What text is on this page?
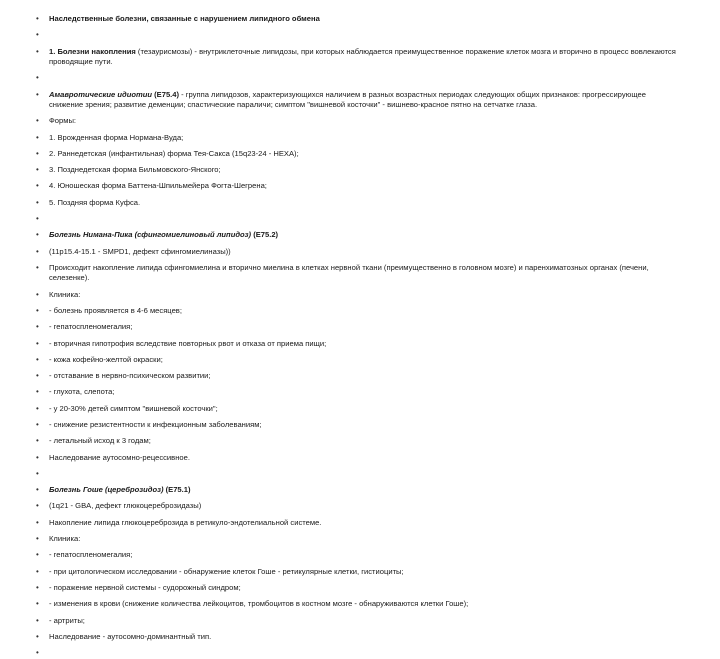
• Наследственные болезни, связанные с нарушением липидного обмена
•
• 1. Болезни накопления (тезаурисмозы) - внутриклеточные липидозы, при которых наблюдается преимущественное поражение клеток мозга и вторично в процесс вовлекаются проводящие пути.
•
• Амавротические идиотии (E75.4) - группа липидозов, характеризующихся наличием в разных возрастных периодах следующих общих признаков: прогрессирующее снижение зрения; развитие деменции; спастические параличи; симптом "вишневой косточки" - вишнево-красное пятно на сетчатке глаза.
• Формы:
• 1. Врожденная форма Нормана-Вуда;
• 2. Раннедетская (инфантильная) форма Тея-Сакса (15q23-24 - HEXA);
• 3. Позднедетская форма Бильмовского-Янского;
• 4. Юношеская форма Баттена-Шпильмейера Фогта-Шегрена;
• 5. Поздняя форма Куфса.
•
• Болезнь Нимана-Пика (сфингомиелиновый липидоз) (E75.2)
• (11p15.4-15.1 - SMPD1, дефект сфингомиелиназы))
• Происходит накопление липида сфингомиелина и вторично миелина в клетках нервной ткани (преимущественно в головном мозге) и паренхиматозных органах (печени, селезенке).
• Клиника:
• - болезнь проявляется в 4-6 месяцев;
• - гепатоспленомегалия;
• - вторичная гипотрофия вследствие повторных рвот и отказа от приема пищи;
• - кожа кофейно-желтой окраски;
• - отставание в нервно-психическом развитии;
• - глухота, слепота;
• - у 20-30% детей симптом "вишневой косточки";
• - снижение резистентности к инфекционным заболеваниям;
• - летальный исход к 3 годам;
• Наследование аутосомно-рецессивное.
•
• Болезнь Гоше (цереброзидоз) (E75.1)
• (1q21 - GBA, дефект глюкоцереброзидазы)
• Накопление липида глюкоцереброзида в ретикуло-эндотелиальной системе.
• Клиника:
• - гепатоспленомегалия;
• - при цитологическом исследовании - обнаружение клеток Гоше - ретикулярные клетки, гистиоциты;
• - поражение нервной системы - судорожный синдром;
• - изменения в крови (снижение количества лейкоцитов, тромбоцитов в костном мозге - обнаруживаются клетки Гоше);
• - артриты;
• Наследование - аутосомно-доминантный тип.
•
